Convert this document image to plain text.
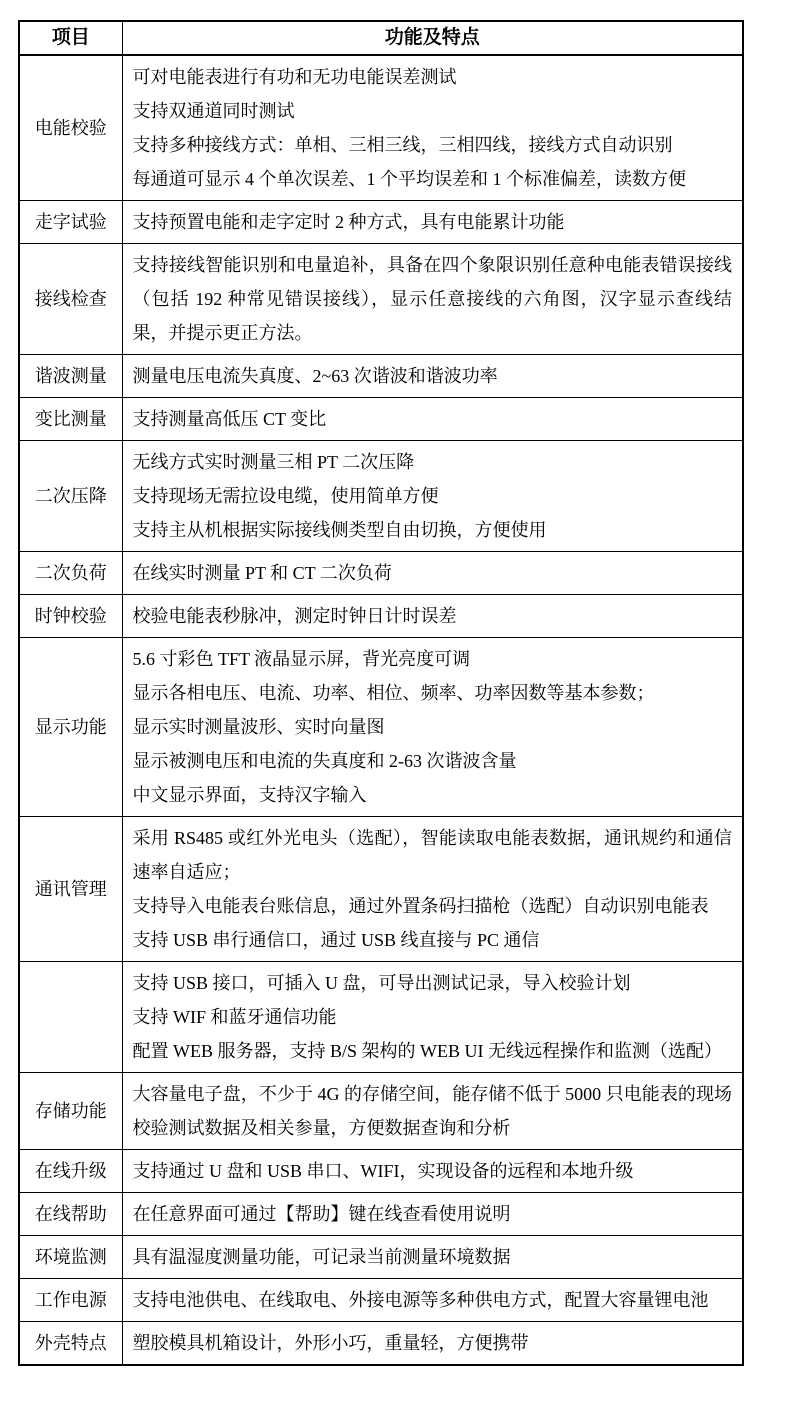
项目	功能及特点
电能校验	可对电能表进行有功和无功电能误差测试

支持双通道同时测试

支持多种接线方式：单相、三相三线，三相四线，接线方式自动识别

每通道可显示 4 个单次误差、1 个平均误差和 1 个标准偏差，读数方便

走字试验	支持预置电能和走字定时 2 种方式，具有电能累计功能

接线检查	支持接线智能识别和电量追补，具备在四个象限识别任意种电能表错误接线（包括 192 种常见错误接线），显示任意接线的六角图，汉字显示查线结果，并提示更正方法。

谐波测量	测量电压电流失真度、2~63 次谐波和谐波功率

变比测量	支持测量高低压 CT 变比

二次压降	无线方式实时测量三相 PT 二次压降

支持现场无需拉设电缆，使用简单方便

支持主从机根据实际接线侧类型自由切换，方便使用

二次负荷	在线实时测量 PT 和 CT 二次负荷

时钟校验	校验电能表秒脉冲，测定时钟日计时误差

显示功能	5.6 寸彩色 TFT 液晶显示屏，背光亮度可调

显示各相电压、电流、功率、相位、频率、功率因数等基本参数；

显示实时测量波形、实时向量图

显示被测电压和电流的失真度和 2-63 次谐波含量

中文显示界面，支持汉字输入

通讯管理	采用 RS485 或红外光电头（选配），智能读取电能表数据，通讯规约和通信速率自适应；

支持导入电能表台账信息，通过外置条码扫描枪（选配）自动识别电能表

支持 USB 串行通信口，通过 USB 线直接与 PC 通信

	支持 USB 接口，可插入 U 盘，可导出测试记录，导入校验计划

支持 WIF 和蓝牙通信功能

配置 WEB 服务器，支持 B/S 架构的 WEB UI 无线远程操作和监测（选配）

存储功能	大容量电子盘，不少于 4G 的存储空间，能存储不低于 5000 只电能表的现场校验测试数据及相关参量，方便数据查询和分析

在线升级	支持通过 U 盘和 USB 串口、WIFI，实现设备的远程和本地升级

在线帮助	在任意界面可通过【帮助】键在线查看使用说明

环境监测	具有温湿度测量功能，可记录当前测量环境数据

工作电源	支持电池供电、在线取电、外接电源等多种供电方式，配置大容量锂电池

外壳特点	塑胶模具机箱设计，外形小巧，重量轻，方便携带
